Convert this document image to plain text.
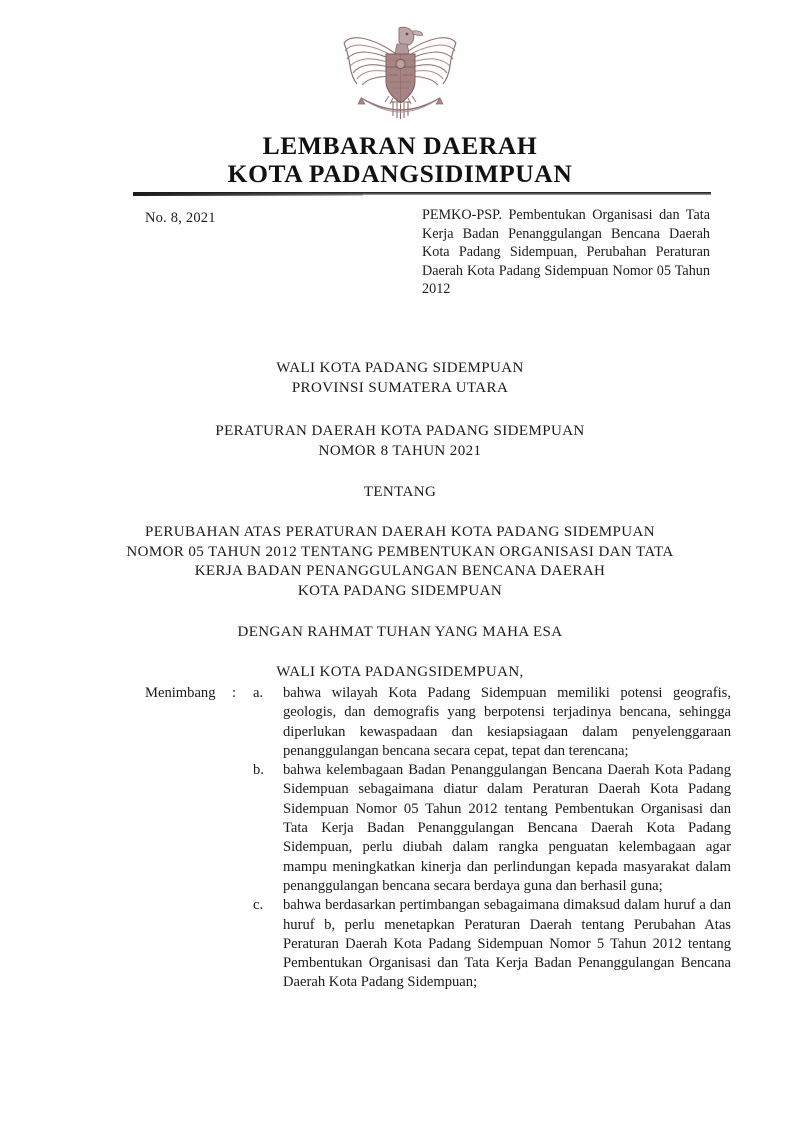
LEMBARAN DAERAH
KOTA PADANGSIDIMPUAN
No. 8, 2021	PEMKO-PSP. Pembentukan Organisasi dan Tata Kerja Badan Penanggulangan Bencana Daerah Kota Padang Sidempuan, Perubahan Peraturan Daerah Kota Padang Sidempuan Nomor 05 Tahun 2012
WALI KOTA PADANG SIDEMPUAN
PROVINSI SUMATERA UTARA
PERATURAN DAERAH KOTA PADANG SIDEMPUAN
NOMOR 8 TAHUN 2021
TENTANG
PERUBAHAN ATAS PERATURAN DAERAH KOTA PADANG SIDEMPUAN
NOMOR 05 TAHUN 2012 TENTANG PEMBENTUKAN ORGANISASI DAN TATA
KERJA BADAN PENANGGULANGAN BENCANA DAERAH
KOTA PADANG SIDEMPUAN
DENGAN RAHMAT TUHAN YANG MAHA ESA
WALI KOTA PADANGSIDEMPUAN,
Menimbang : a. bahwa wilayah Kota Padang Sidempuan memiliki potensi geografis, geologis, dan demografis yang berpotensi terjadinya bencana, sehingga diperlukan kewaspadaan dan kesiapsiagaan dalam penyelenggaraan penanggulangan bencana secara cepat, tepat dan terencana;
b. bahwa kelembagaan Badan Penanggulangan Bencana Daerah Kota Padang Sidempuan sebagaimana diatur dalam Peraturan Daerah Kota Padang Sidempuan Nomor 05 Tahun 2012 tentang Pembentukan Organisasi dan Tata Kerja Badan Penanggulangan Bencana Daerah Kota Padang Sidempuan, perlu diubah dalam rangka penguatan kelembagaan agar mampu meningkatkan kinerja dan perlindungan kepada masyarakat dalam penanggulangan bencana secara berdaya guna dan berhasil guna;
c. bahwa berdasarkan pertimbangan sebagaimana dimaksud dalam huruf a dan huruf b, perlu menetapkan Peraturan Daerah tentang Perubahan Atas Peraturan Daerah Kota Padang Sidempuan Nomor 5 Tahun 2012 tentang Pembentukan Organisasi dan Tata Kerja Badan Penanggulangan Bencana Daerah Kota Padang Sidempuan;
